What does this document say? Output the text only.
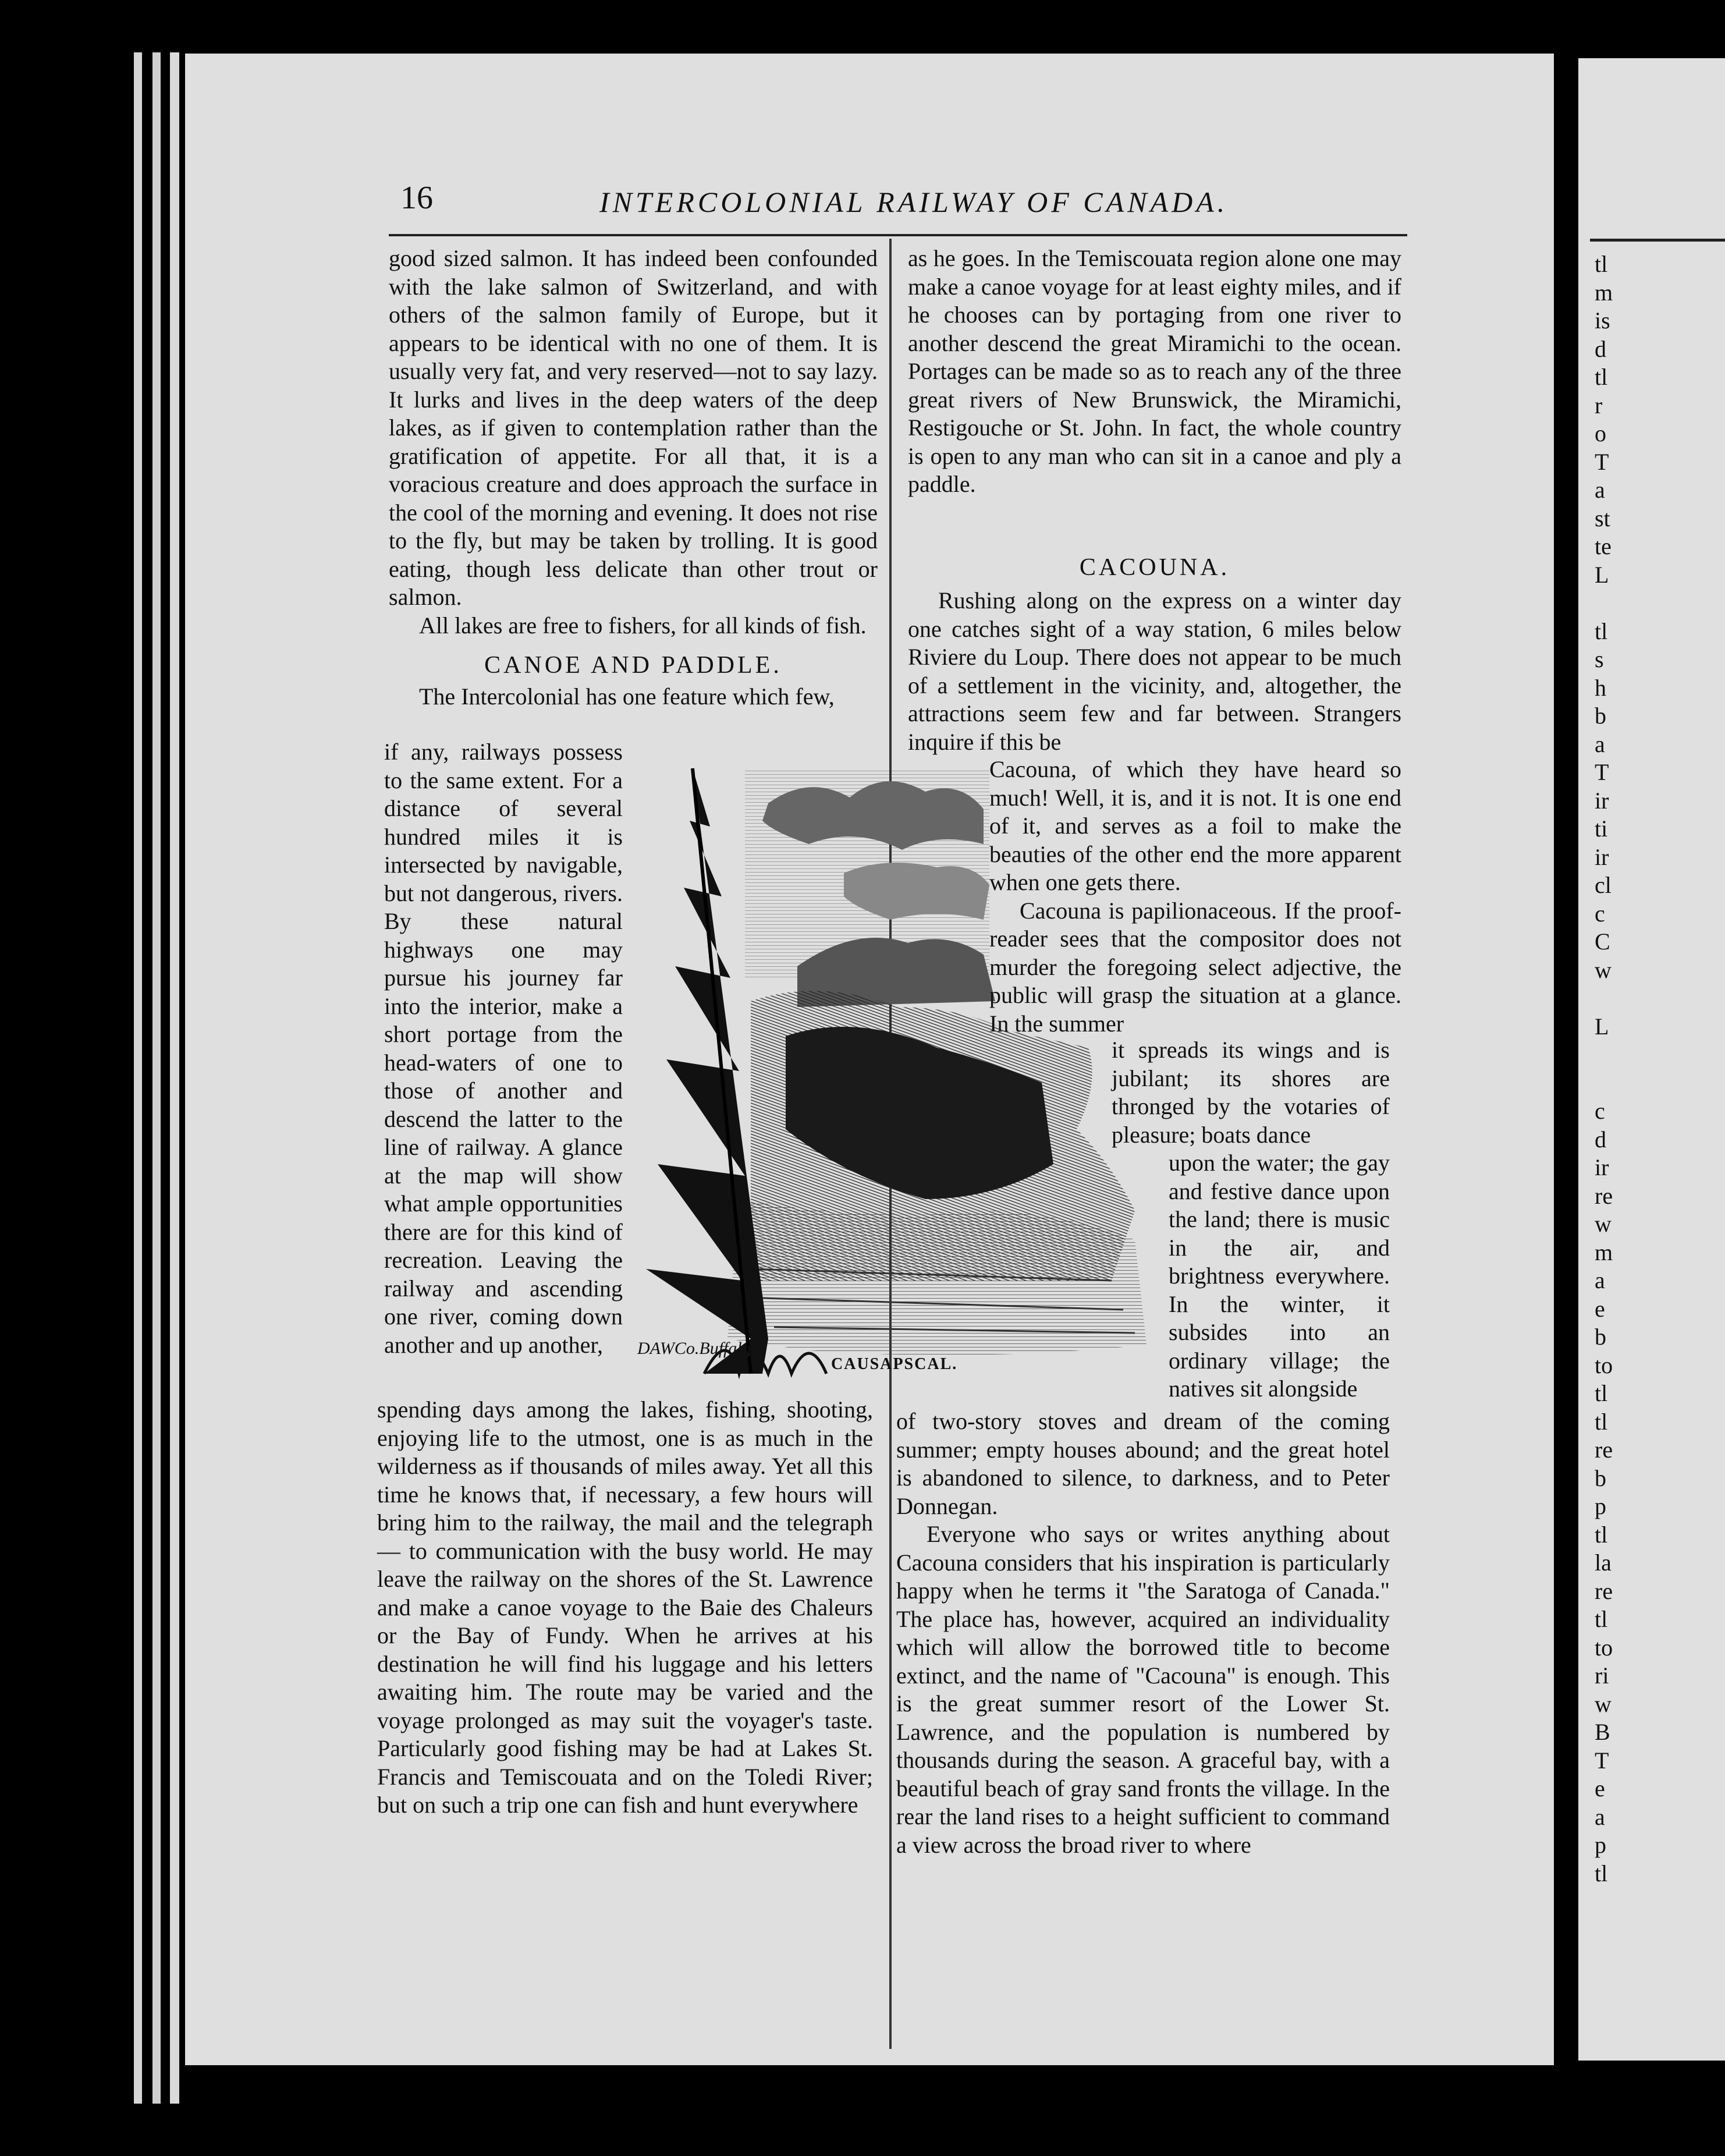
tl
m
is
d
tl
r
o
T
a
st
te
L
tl
s
h
b
a
T
ir
ti
ir
cl
c
C
w
L
c
d
ir
re
w
m
a
e
b
to
tl
tl
re
b
p
tl
la
re
tl
to
ri
w
B
T
e
a
p
tl
16	INTERCOLONIAL RAILWAY OF CANADA.

good sized salmon. It has indeed been confounded with the lake salmon of Switzerland, and with others of the salmon family of Europe, but it appears to be identical with no one of them. It is usually very fat, and very reserved—not to say lazy. It lurks and lives in the deep waters of the deep lakes, as if given to contemplation rather than the gratification of appetite. For all that, it is a voracious creature and does approach the surface in the cool of the morning and evening. It does not rise to the fly, but may be taken by trolling. It is good eating, though less delicate than other trout or salmon.

All lakes are free to fishers, for all kinds of fish.

CANOE AND PADDLE.

The Intercolonial has one feature which few,

if any, railways possess to the same extent. For a distance of several hundred miles it is intersected by navigable, but not dangerous, rivers. By these natural highways one may pursue his journey far into the interior, make a short portage from the head-waters of one to those of another and descend the latter to the line of railway. A glance at the map will show what ample opportunities there are for this kind of recreation. Leaving the railway and ascending one river, coming down another and up another,
spending days among the lakes, fishing, shooting, enjoying life to the utmost, one is as much in the wilderness as if thousands of miles away. Yet all this time he knows that, if necessary, a few hours will bring him to the railway, the mail and the telegraph — to communication with the busy world. He may leave the railway on the shores of the St. Lawrence and make a canoe voyage to the Baie des Chaleurs or the Bay of Fundy. When he arrives at his destination he will find his luggage and his letters awaiting him. The route may be varied and the voyage prolonged as may suit the voyager's taste. Particularly good fishing may be had at Lakes St. Francis and Temiscouata and on the Toledi River; but on such a trip one can fish and hunt everywhere
DAWCo.Buffalo.
CAUSAPSCAL.
as he goes. In the Temiscouata region alone one may make a canoe voyage for at least eighty miles, and if he chooses can by portaging from one river to another descend the great Miramichi to the ocean. Portages can be made so as to reach any of the three great rivers of New Brunswick, the Miramichi, Restigouche or St. John. In fact, the whole country is open to any man who can sit in a canoe and ply a paddle.
CACOUNA.
Rushing along on the express on a winter day one catches sight of a way station, 6 miles below Riviere du Loup. There does not appear to be much of a settlement in the vicinity, and, altogether, the attractions seem few and far between. Strangers inquire if this be

Cacouna, of which they have heard so much! Well, it is, and it is not. It is one end of it, and serves as a foil to make the beauties of the other end the more apparent when one gets there.

Cacouna is papilionaceous. If the proof-reader sees that the compositor does not murder the foregoing select adjective, the public will grasp the situation at a glance. In the summer

it spreads its wings and is jubilant; its shores are thronged by the votaries of pleasure; boats dance
upon the water; the gay and festive dance upon the land; there is music in the air, and brightness everywhere. In the winter, it subsides into an ordinary village; the natives sit alongside

of two-story stoves and dream of the coming summer; empty houses abound; and the great hotel is abandoned to silence, to darkness, and to Peter Donnegan.

Everyone who says or writes anything about Cacouna considers that his inspiration is particularly happy when he terms it "the Saratoga of Canada." The place has, however, acquired an individuality which will allow the borrowed title to become extinct, and the name of "Cacouna" is enough. This is the great summer resort of the Lower St. Lawrence, and the population is numbered by thousands during the season. A graceful bay, with a beautiful beach of gray sand fronts the village. In the rear the land rises to a height sufficient to command a view across the broad river to where
